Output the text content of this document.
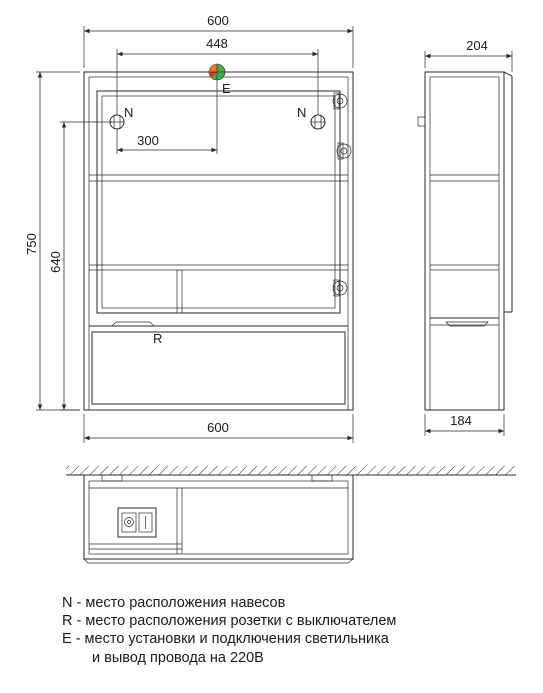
600
448
300
N	N
E
R
750
640
600
204
184
N - место расположения навесов
R - место расположения розетки с выключателем
E - место установки и подключения светильника
и вывод провода на 220В
